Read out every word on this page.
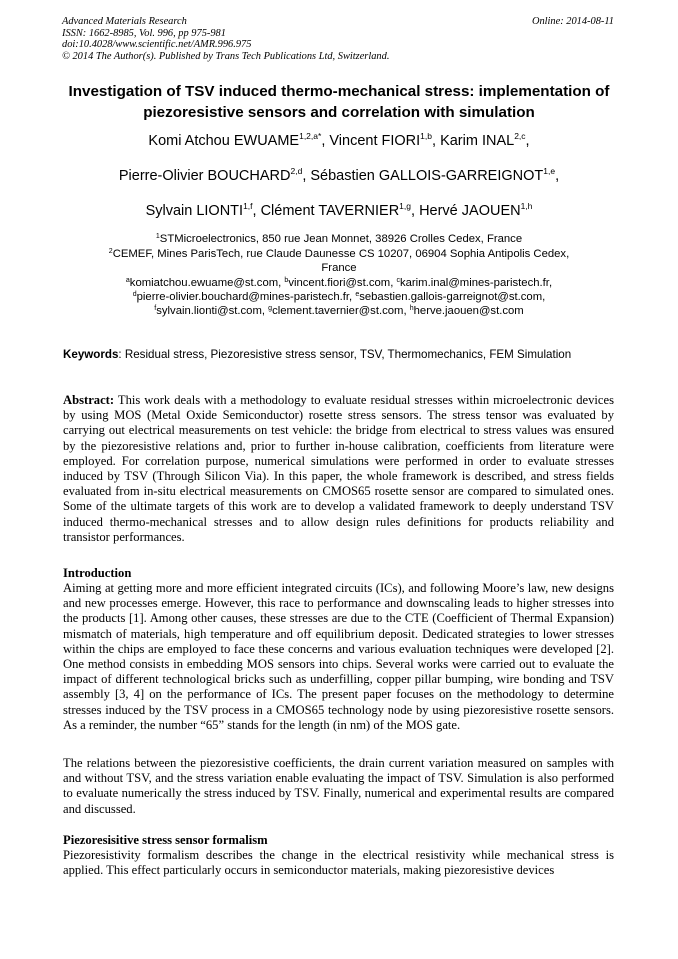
Advanced Materials Research	Online: 2014-08-11
ISSN: 1662-8985, Vol. 996, pp 975-981
doi:10.4028/www.scientific.net/AMR.996.975
© 2014 The Author(s). Published by Trans Tech Publications Ltd, Switzerland.
Investigation of TSV induced thermo-mechanical stress: implementation of piezoresistive sensors and correlation with simulation
Komi Atchou $EWUAME^{1,2,a*}$, Vincent FIORI$^{1,b}$, Karim INAL$^{2,c}$,
Pierre-Olivier BOUCHARD$^{2,d}$, Sébastien GALLOIS-GARREIGNOT$^{1,e}$,
Sylvain LIONTI$^{1,f}$, Clément TAVERNIER$^{1,g}$, Hervé JAOUEN$^{1,h}$
$^1$STMicroelectronics, 850 rue Jean Monnet, 38926 Crolles Cedex, France
$^2$CEMEF, Mines ParisTech, rue Claude Daunesse CS 10207, 06904 Sophia Antipolis Cedex,
France
$^a$komiatchou.ewuame@st.com, $^b$vincent.fiori@st.com, $^c$karim.inal@mines-paristech.fr,
$^d$pierre-olivier.bouchard@mines-paristech.fr, $^e$sebastien.gallois-garreignot@st.com,
$^f$sylvain.lionti@st.com, $^g$clement.tavernier@st.com, $^h$herve.jaouen@st.com
Keywords: Residual stress, Piezoresistive stress sensor, TSV, Thermomechanics, FEM Simulation
Abstract: This work deals with a methodology to evaluate residual stresses within microelectronic devices by using MOS (Metal Oxide Semiconductor) rosette stress sensors. The stress tensor was evaluated by carrying out electrical measurements on test vehicle: the bridge from electrical to stress values was ensured by the piezoresistive relations and, prior to further in-house calibration, coefficients from literature were employed. For correlation purpose, numerical simulations were performed in order to evaluate stresses induced by TSV (Through Silicon Via). In this paper, the whole framework is described, and stress fields evaluated from in-situ electrical measurements on CMOS65 rosette sensor are compared to simulated ones. Some of the ultimate targets of this work are to develop a validated framework to deeply understand TSV induced thermo-mechanical stresses and to allow design rules definitions for products reliability and transistor performances.
Introduction
Aiming at getting more and more efficient integrated circuits (ICs), and following Moore’s law, new designs and new processes emerge. However, this race to performance and downscaling leads to higher stresses into the products [1]. Among other causes, these stresses are due to the CTE (Coefficient of Thermal Expansion) mismatch of materials, high temperature and off equilibrium deposit. Dedicated strategies to lower stresses within the chips are employed to face these concerns and various evaluation techniques were developed [2]. One method consists in embedding MOS sensors into chips. Several works were carried out to evaluate the impact of different technological bricks such as underfilling, copper pillar bumping, wire bonding and TSV assembly [3, 4] on the performance of ICs. The present paper focuses on the methodology to determine stresses induced by the TSV process in a CMOS65 technology node by using piezoresistive rosette sensors. As a reminder, the number “65” stands for the length (in nm) of the MOS gate.
The relations between the piezoresistive coefficients, the drain current variation measured on samples with and without TSV, and the stress variation enable evaluating the impact of TSV. Simulation is also performed to evaluate numerically the stress induced by TSV. Finally, numerical and experimental results are compared and discussed.
Piezoresisitive stress sensor formalism
Piezoresistivity formalism describes the change in the electrical resistivity while mechanical stress is applied. This effect particularly occurs in semiconductor materials, making piezoresistive devices
